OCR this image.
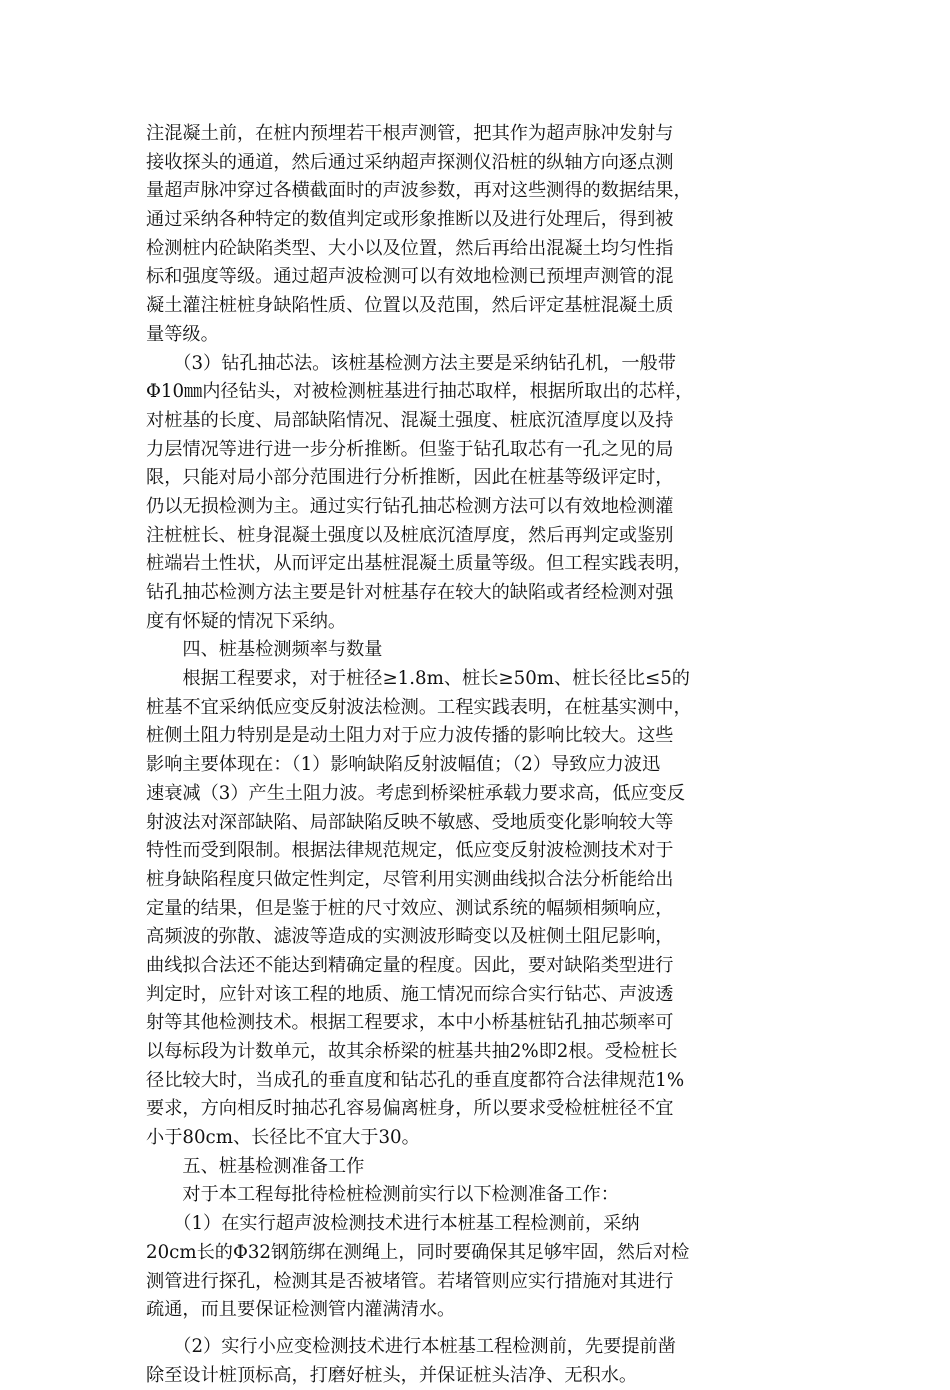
注混凝土前，在桩内预埋若干根声测管，把其作为超声脉冲发射与
接收探头的通道，然后通过采纳超声探测仪沿桩的纵轴方向逐点测
量超声脉冲穿过各横截面时的声波参数，再对这些测得的数据结果，
通过采纳各种特定的数值判定或形象推断以及进行处理后，得到被
检测桩内砼缺陷类型、大小以及位置，然后再给出混凝土均匀性指
标和强度等级。通过超声波检测可以有效地检测已预埋声测管的混
凝土灌注桩桩身缺陷性质、位置以及范围，然后评定基桩混凝土质
量等级。
　　（3）钻孔抽芯法。该桩基检测方法主要是采纳钻孔机，一般带
Φ10㎜内径钻头，对被检测桩基进行抽芯取样，根据所取出的芯样，
对桩基的长度、局部缺陷情况、混凝土强度、桩底沉渣厚度以及持
力层情况等进行进一步分析推断。但鉴于钻孔取芯有一孔之见的局
限，只能对局小部分范围进行分析推断，因此在桩基等级评定时，
仍以无损检测为主。通过实行钻孔抽芯检测方法可以有效地检测灌
注桩桩长、桩身混凝土强度以及桩底沉渣厚度，然后再判定或鉴别
桩端岩土性状，从而评定出基桩混凝土质量等级。但工程实践表明，
钻孔抽芯检测方法主要是针对桩基存在较大的缺陷或者经检测对强
度有怀疑的情况下采纳。
　　四、桩基检测频率与数量
　　根据工程要求，对于桩径≥1.8m、桩长≥50m、桩长径比≤5的
桩基不宜采纳低应变反射波法检测。工程实践表明，在桩基实测中，
桩侧土阻力特别是是动土阻力对于应力波传播的影响比较大。这些
影响主要体现在：（1）影响缺陷反射波幅值；（2）导致应力波迅
速衰减（3）产生土阻力波。考虑到桥梁桩承载力要求高，低应变反
射波法对深部缺陷、局部缺陷反映不敏感、受地质变化影响较大等
特性而受到限制。根据法律规范规定，低应变反射波检测技术对于
桩身缺陷程度只做定性判定，尽管利用实测曲线拟合法分析能给出
定量的结果，但是鉴于桩的尺寸效应、测试系统的幅频相频响应，
高频波的弥散、滤波等造成的实测波形畸变以及桩侧土阻尼影响，
曲线拟合法还不能达到精确定量的程度。因此，要对缺陷类型进行
判定时，应针对该工程的地质、施工情况而综合实行钻芯、声波透
射等其他检测技术。根据工程要求，本中小桥基桩钻孔抽芯频率可
以每标段为计数单元，故其余桥梁的桩基共抽2%即2根。受检桩长
径比较大时，当成孔的垂直度和钻芯孔的垂直度都符合法律规范1%
要求，方向相反时抽芯孔容易偏离桩身，所以要求受检桩桩径不宜
小于80cm、长径比不宜大于30。
　　五、桩基检测准备工作
　　对于本工程每批待检桩检测前实行以下检测准备工作：
　　（1）在实行超声波检测技术进行本桩基工程检测前，采纳
20cm长的Φ32钢筋绑在测绳上，同时要确保其足够牢固，然后对检
测管进行探孔，检测其是否被堵管。若堵管则应实行措施对其进行
疏通，而且要保证检测管内灌满清水。
　　（2）实行小应变检测技术进行本桩基工程检测前，先要提前凿
除至设计桩顶标高，打磨好桩头，并保证桩头洁净、无积水。
